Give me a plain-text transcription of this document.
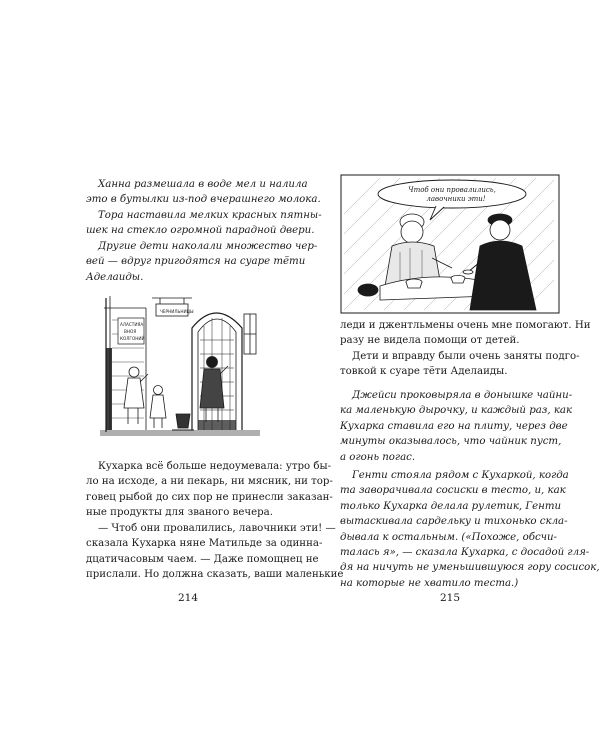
Ханна размешала в воде мел и налила
это в бутылки из-под вчерашнего молока.

Тора наставила мелких красных пятны-
шек на стекло огромной парадной двери.

Другие дети наколали множество чер-
вей — вдруг пригодятся на суаре тёти
Аделаиды.

ЧЕРНИЛЬНИЦЫ
АЛАСТИЯА
ВНОЯ
КОЛГОНИЙ

Кухарка всё больше недоумевала: утро бы-
ло на исходе, а ни пекарь, ни мясник, ни тор-
говец рыбой до сих пор не принесли заказан-
ные продукты для званого вечера.

— Чтоб они провалились, лавочники эти! —
сказала Кухарка няне Матильде за одинна-
дцатичасовым чаем. — Даже помощнец не
прислали. Но должна сказать, ваши маленькие

214
Чтоб они провалились,
лавочники эти!

леди и джентльмены очень мне помогают. Ни
разу не видела помощи от детей.

Дети и вправду были очень заняты подго-
товкой к суаре тёти Аделаиды.

Джейси проковыряла в донышке чайни-
ка маленькую дырочку, и каждый раз, как
Кухарка ставила его на плиту, через две
минуты оказывалось, что чайник пуст,
а огонь погас.

Генти стояла рядом с Кухаркой, когда
та заворачивала сосиски в тесто, и, как
только Кухарка делала рулетик, Генти
вытаскивала сардельку и тихонько скла-
дывала к остальным. («Похоже, обсчи-
талась я», — сказала Кухарка, с досадой гля-
дя на ничуть не уменьшившуюся гору сосисок,
на которые не хватило теста.)

215
